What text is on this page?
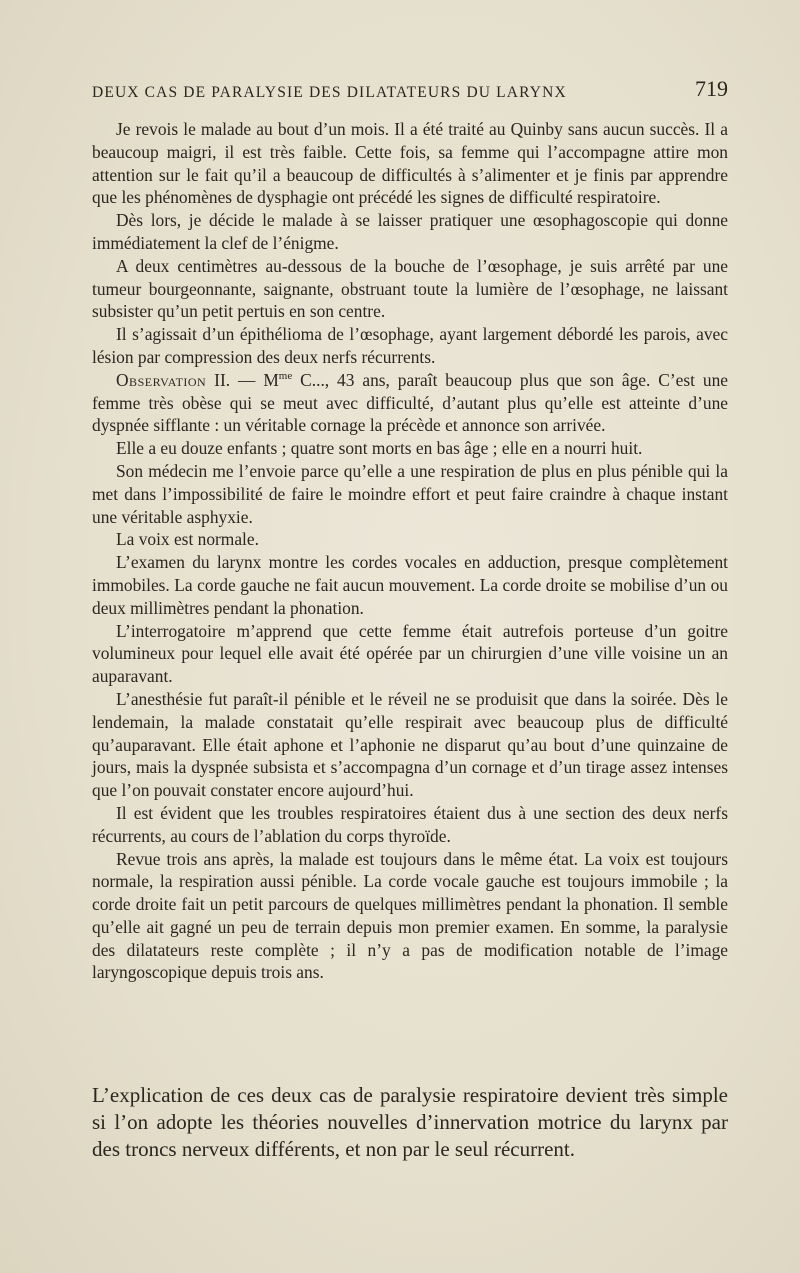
DEUX CAS DE PARALYSIE DES DILATATEURS DU LARYNX	719

Je revois le malade au bout d’un mois. Il a été traité au Quinby sans aucun succès. Il a beaucoup maigri, il est très faible. Cette fois, sa femme qui l’accompagne attire mon attention sur le fait qu’il a beaucoup de difficultés à s’alimenter et je finis par apprendre que les phénomènes de dysphagie ont précédé les signes de difficulté respiratoire.

Dès lors, je décide le malade à se laisser pratiquer une œsophagoscopie qui donne immédiatement la clef de l’énigme.

A deux centimètres au-dessous de la bouche de l’œsophage, je suis arrêté par une tumeur bourgeonnante, saignante, obstruant toute la lumière de l’œsophage, ne laissant subsister qu’un petit pertuis en son centre.

Il s’agissait d’un épithélioma de l’œsophage, ayant largement débordé les parois, avec lésion par compression des deux nerfs récurrents.

Observation II. — $M^{me}$ C..., 43 ans, paraît beaucoup plus que son âge. C’est une femme très obèse qui se meut avec difficulté, d’autant plus qu’elle est atteinte d’une dyspnée sifflante : un véritable cornage la précède et annonce son arrivée.

Elle a eu douze enfants ; quatre sont morts en bas âge ; elle en a nourri huit.

Son médecin me l’envoie parce qu’elle a une respiration de plus en plus pénible qui la met dans l’impossibilité de faire le moindre effort et peut faire craindre à chaque instant une véritable asphyxie.

La voix est normale.

L’examen du larynx montre les cordes vocales en adduction, presque complètement immobiles. La corde gauche ne fait aucun mouvement. La corde droite se mobilise d’un ou deux millimètres pendant la phonation.

L’interrogatoire m’apprend que cette femme était autrefois porteuse d’un goitre volumineux pour lequel elle avait été opérée par un chirurgien d’une ville voisine un an auparavant.

L’anesthésie fut paraît-il pénible et le réveil ne se produisit que dans la soirée. Dès le lendemain, la malade constatait qu’elle respirait avec beaucoup plus de difficulté qu’auparavant. Elle était aphone et l’aphonie ne disparut qu’au bout d’une quinzaine de jours, mais la dyspnée subsista et s’accompagna d’un cornage et d’un tirage assez intenses que l’on pouvait constater encore aujourd’hui.

Il est évident que les troubles respiratoires étaient dus à une section des deux nerfs récurrents, au cours de l’ablation du corps thyroïde.

Revue trois ans après, la malade est toujours dans le même état. La voix est toujours normale, la respiration aussi pénible. La corde vocale gauche est toujours immobile ; la corde droite fait un petit parcours de quelques millimètres pendant la phonation. Il semble qu’elle ait gagné un peu de terrain depuis mon premier examen. En somme, la paralysie des dilatateurs reste complète ; il n’y a pas de modification notable de l’image laryngoscopique depuis trois ans.

L’explication de ces deux cas de paralysie respiratoire devient très simple si l’on adopte les théories nouvelles d’innervation motrice du larynx par des troncs nerveux différents, et non par le seul récurrent.
